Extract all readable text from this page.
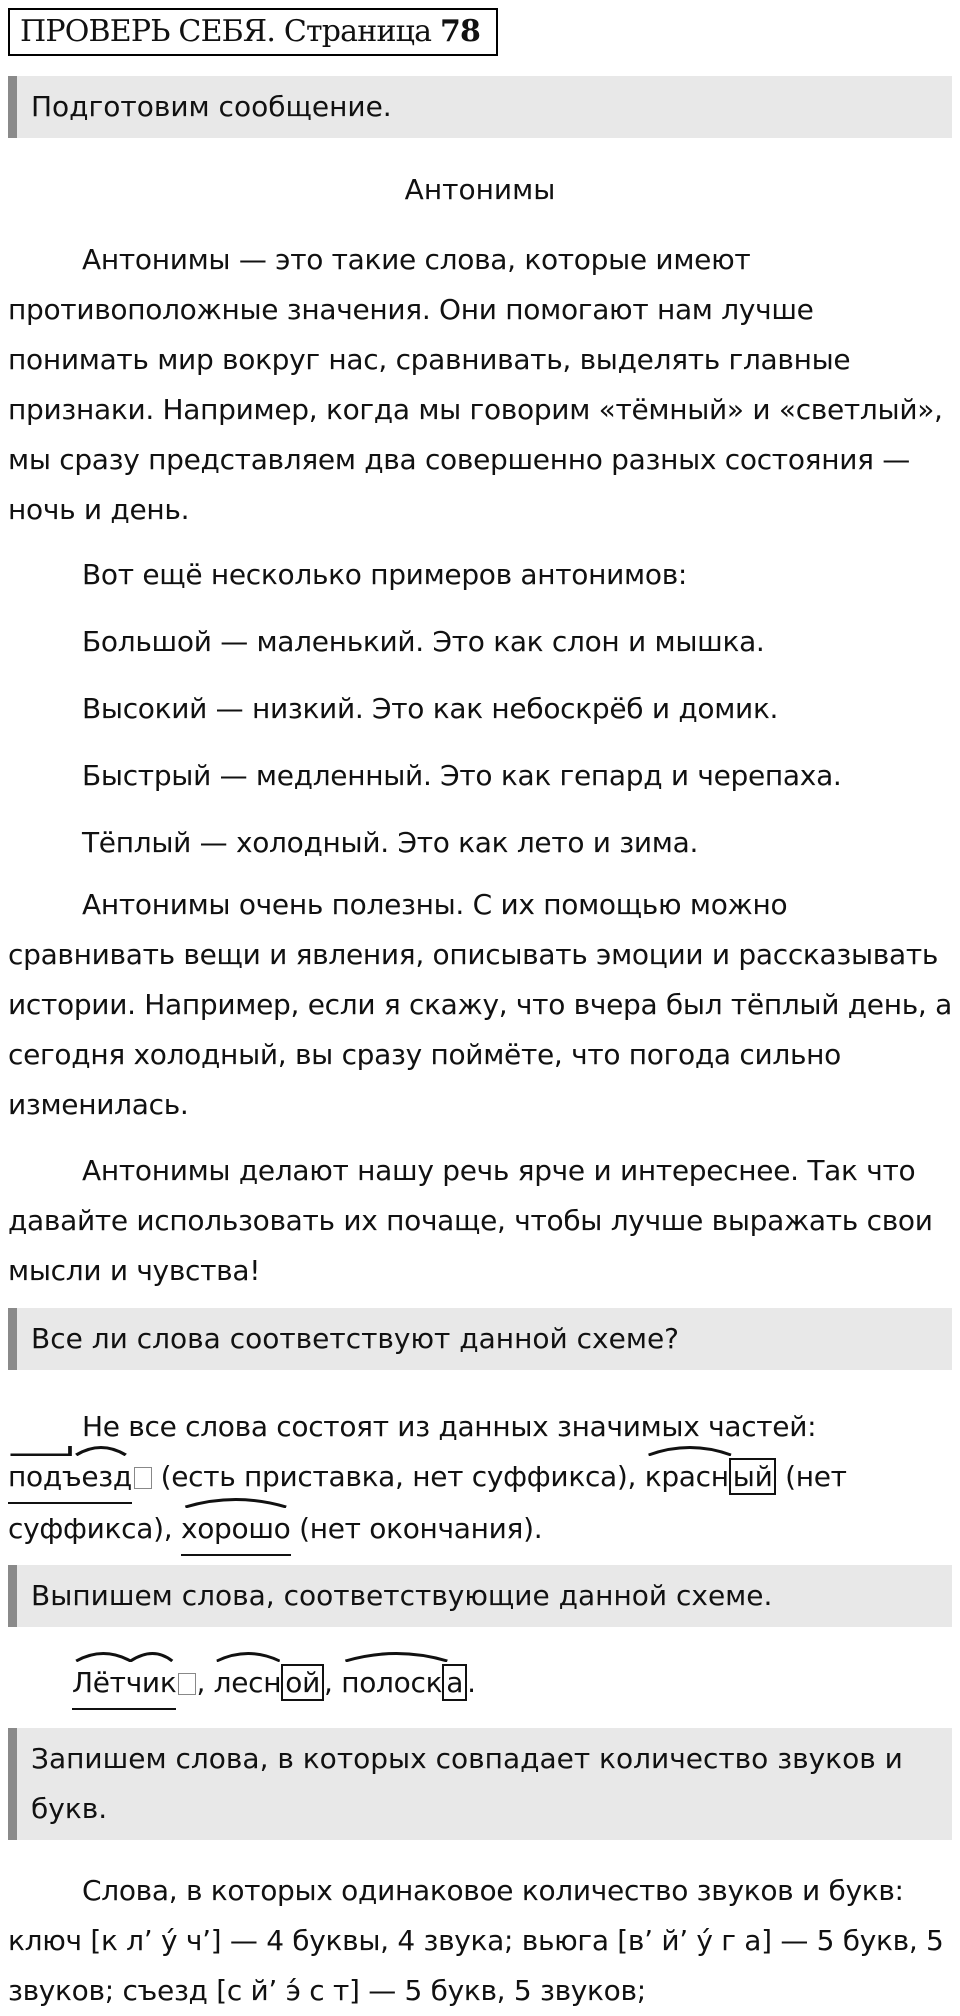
ПРОВЕРЬ СЕБЯ. Страница 78
Подготовим сообщение.
Антонимы

Антонимы — это такие слова, которые имеют противоположные значения. Они помогают нам лучше понимать мир вокруг нас, сравнивать, выделять главные признаки. Например, когда мы говорим «тёмный» и «светлый», мы сразу представляем два совершенно разных состояния — ночь и день.

Вот ещё несколько примеров антонимов:
Большой — маленький. Это как слон и мышка.
Высокий — низкий. Это как небоскрёб и домик.
Быстрый — медленный. Это как гепард и черепаха.
Тёплый — холодный. Это как лето и зима.

Антонимы очень полезны. С их помощью можно сравнивать вещи и явления, описывать эмоции и рассказывать истории. Например, если я скажу, что вчера был тёплый день, а сегодня холодный, вы сразу поймёте, что погода сильно изменилась.

Антонимы делают нашу речь ярче и интереснее. Так что давайте использовать их почаще, чтобы лучше выражать свои мысли и чувства!

Все ли слова соответствуют данной схеме?

Не все слова состоят из данных значимых частей:

подъезд (есть приставка, нет суффикса),
красн ый (нет суффикса),
хорошо (нет окончания).

Выпишем слова, соответствующие данной схеме.
Лётчик ,
лесн ой ,
полоск а .
Запишем слова, в которых совпадает количество звуков и букв.

Слова, в которых одинаковое количество звуков и букв: ключ [к л’ у́ ч’] — 4 буквы, 4 звука; вьюга [в’ й’ у́ г а] — 5 букв, 5 звуков; съезд [с й’ э́ с т] — 5 букв, 5 звуков;
